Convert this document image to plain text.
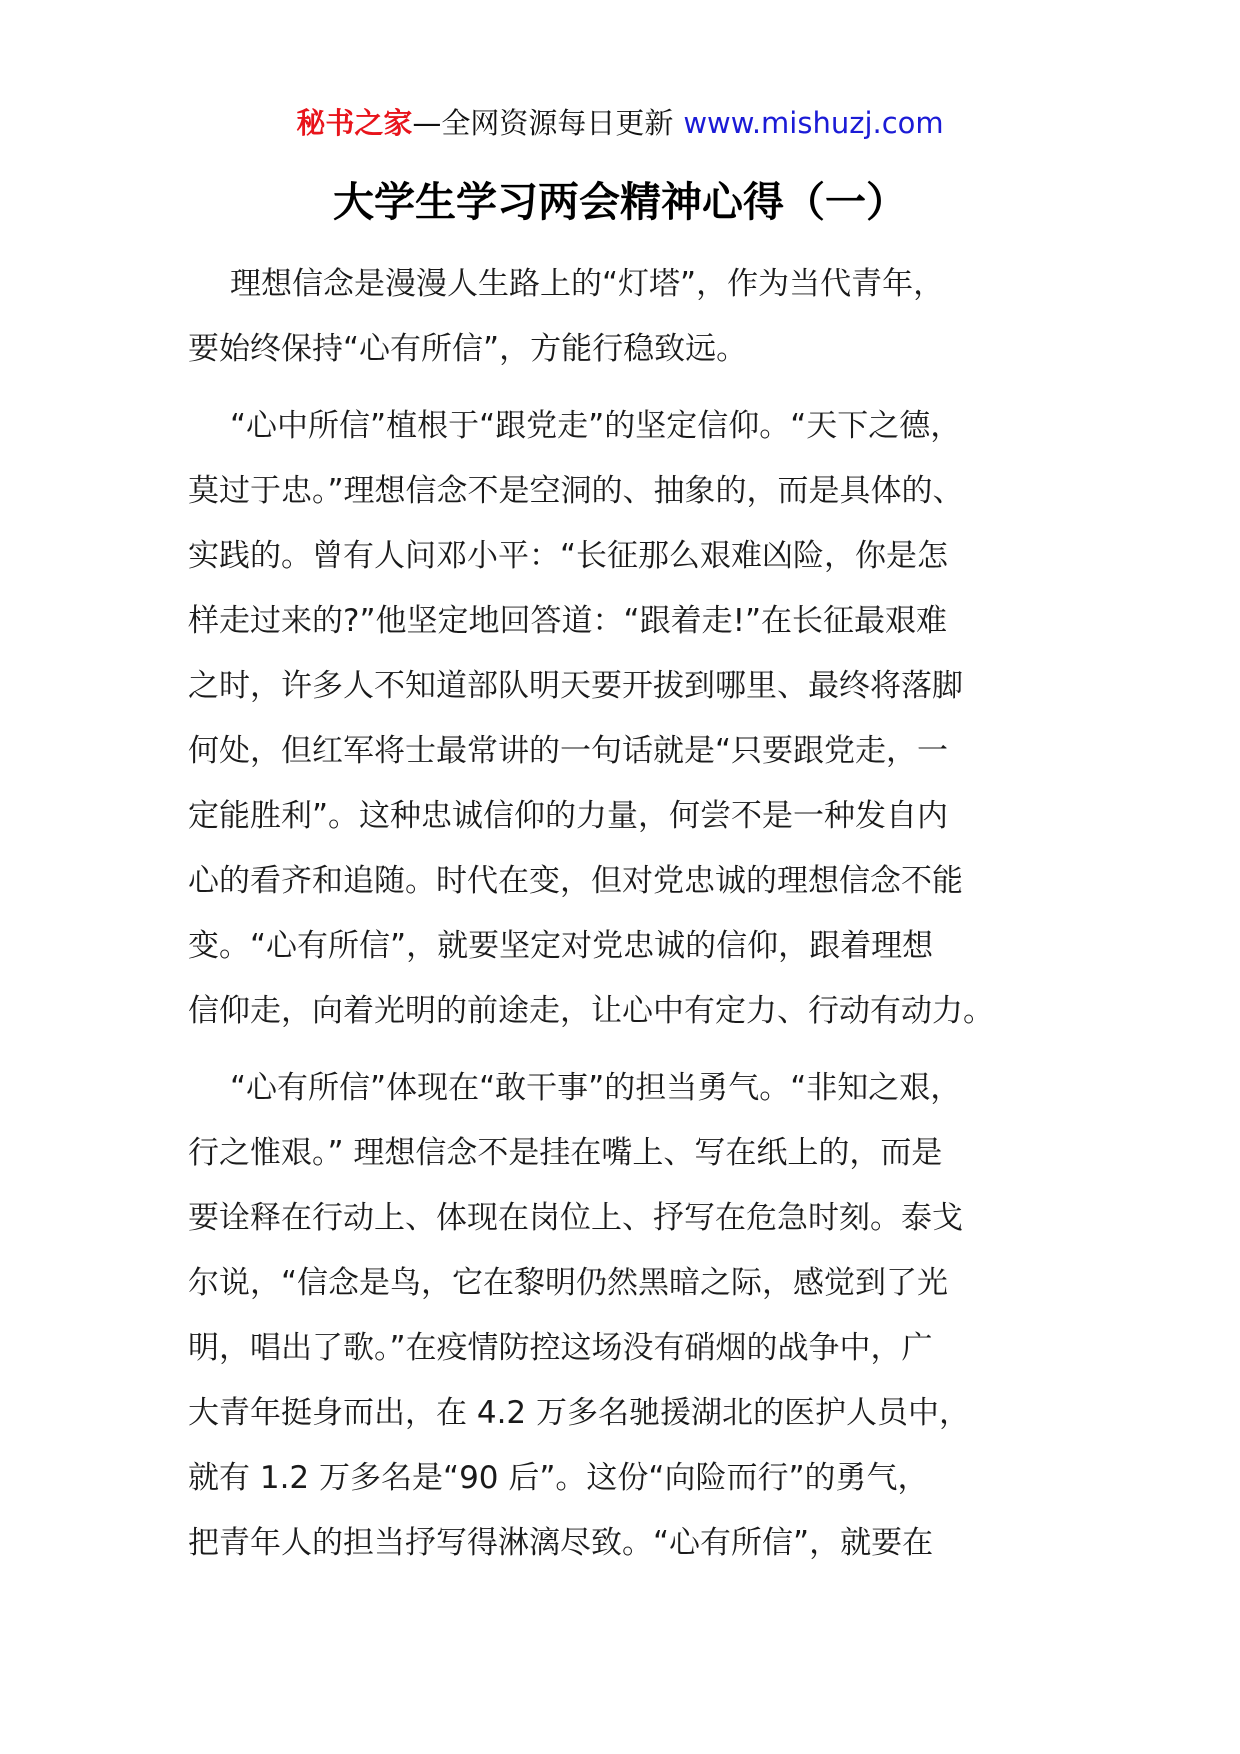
秘书之家—全网资源每日更新 www.mishuzj.com
大学生学习两会精神心得（一）
理想信念是漫漫人生路上的“灯塔”，作为当代青年，
要始终保持“心有所信”，方能行稳致远。
“心中所信”植根于“跟党走”的坚定信仰。“天下之德，
莫过于忠。”理想信念不是空洞的、抽象的，而是具体的、
实践的。曾有人问邓小平：“长征那么艰难凶险，你是怎
样走过来的?”他坚定地回答道：“跟着走!”在长征最艰难
之时，许多人不知道部队明天要开拔到哪里、最终将落脚
何处，但红军将士最常讲的一句话就是“只要跟党走，一
定能胜利”。这种忠诚信仰的力量，何尝不是一种发自内
心的看齐和追随。时代在变，但对党忠诚的理想信念不能
变。“心有所信”，就要坚定对党忠诚的信仰，跟着理想
信仰走，向着光明的前途走，让心中有定力、行动有动力。
“心有所信”体现在“敢干事”的担当勇气。“非知之艰，
行之惟艰。” 理想信念不是挂在嘴上、写在纸上的，而是
要诠释在行动上、体现在岗位上、抒写在危急时刻。泰戈
尔说，“信念是鸟，它在黎明仍然黑暗之际，感觉到了光
明，唱出了歌。”在疫情防控这场没有硝烟的战争中，广
大青年挺身而出，在 4.2 万多名驰援湖北的医护人员中，
就有 1.2 万多名是“90 后”。这份“向险而行”的勇气，
把青年人的担当抒写得淋漓尽致。“心有所信”，就要在
